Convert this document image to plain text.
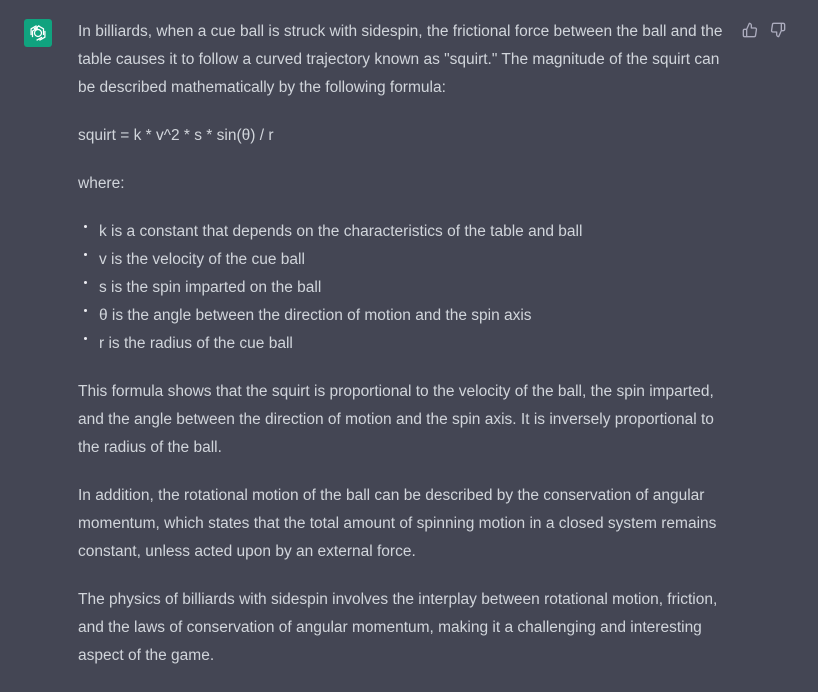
In billiards, when a cue ball is struck with sidespin, the frictional force between the ball and the table causes it to follow a curved trajectory known as "squirt." The magnitude of the squirt can be described mathematically by the following formula:

squirt = k * v^2 * s * sin(θ) / r

where:

k is a constant that depends on the characteristics of the table and ball
v is the velocity of the cue ball
s is the spin imparted on the ball
θ is the angle between the direction of motion and the spin axis
r is the radius of the cue ball

This formula shows that the squirt is proportional to the velocity of the ball, the spin imparted, and the angle between the direction of motion and the spin axis. It is inversely proportional to the radius of the ball.

In addition, the rotational motion of the ball can be described by the conservation of angular momentum, which states that the total amount of spinning motion in a closed system remains constant, unless acted upon by an external force.

The physics of billiards with sidespin involves the interplay between rotational motion, friction, and the laws of conservation of angular momentum, making it a challenging and interesting aspect of the game.
